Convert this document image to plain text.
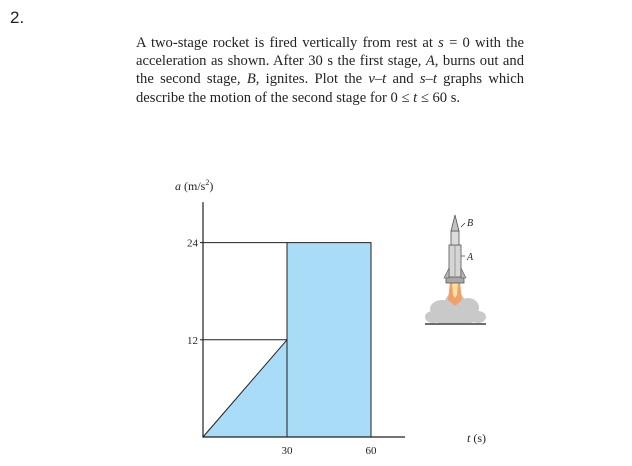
2.
A two-stage rocket is fired vertically from rest at s = 0 with the acceleration as shown. After 30 s the first stage, A, burns out and the second stage, B, ignites. Plot the v–t and s–t graphs which describe the motion of the second stage for 0 ≤ t ≤ 60 s.
12
24
30	60
a $(m/s^2)$
t (s)
B
A
